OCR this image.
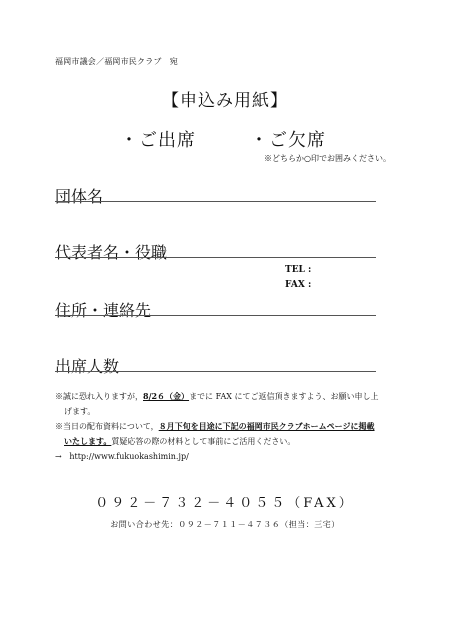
福岡市議会／福岡市民クラブ　宛
【申込み用紙】
・ご出席	・ご欠席
※どちらか○印でお囲みください。
団体名
代表者名・役職
TEL :
FAX :
住所・連絡先
出席人数

※誠に恐れ入りますが，8/2６（金）までに FAX にてご返信頂きますよう、お願い申し上

げます。

※当日の配布資料について，８月下旬を目途に下記の福岡市民クラブホームページに掲載

いたします。質疑応答の際の材料として事前にご活用ください。

→ http://www.fukuokashimin.jp/

０９２－７３２－４０５５（FAX）
お問い合わせ先：０９２－７１１－４７３６（担当：三宅）
